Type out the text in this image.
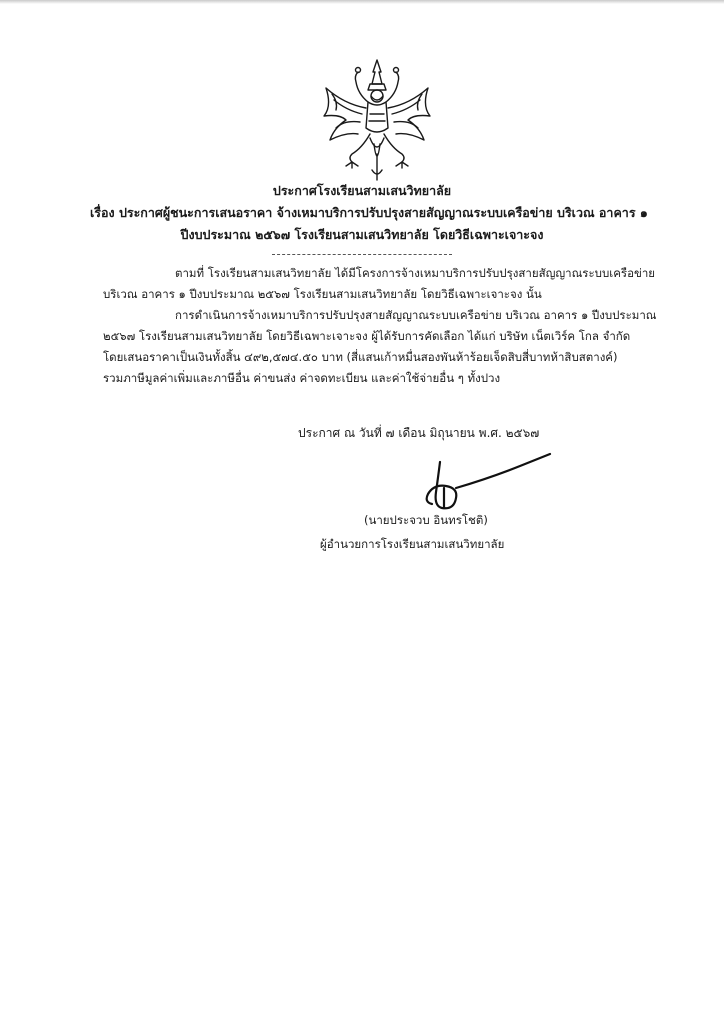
ประกาศโรงเรียนสามเสนวิทยาลัย
เรื่อง ประกาศผู้ชนะการเสนอราคา จ้างเหมาบริการปรับปรุงสายสัญญาณระบบเครือข่าย บริเวณ อาคาร ๑
ปีงบประมาณ ๒๕๖๗ โรงเรียนสามเสนวิทยาลัย โดยวิธีเฉพาะเจาะจง
ตามที่ โรงเรียนสามเสนวิทยาลัย ได้มีโครงการจ้างเหมาบริการปรับปรุงสายสัญญาณระบบเครือข่าย
บริเวณ อาคาร ๑ ปีงบประมาณ ๒๕๖๗ โรงเรียนสามเสนวิทยาลัย โดยวิธีเฉพาะเจาะจง นั้น
การดำเนินการจ้างเหมาบริการปรับปรุงสายสัญญาณระบบเครือข่าย บริเวณ อาคาร ๑ ปีงบประมาณ
๒๕๖๗ โรงเรียนสามเสนวิทยาลัย โดยวิธีเฉพาะเจาะจง ผู้ได้รับการคัดเลือก ได้แก่ บริษัท เน็ตเวิร์ค โกล จำกัด
โดยเสนอราคาเป็นเงินทั้งสิ้น ๔๙๒,๕๗๔.๕๐ บาท (สี่แสนเก้าหมื่นสองพันห้าร้อยเจ็ดสิบสี่บาทห้าสิบสตางค์)
รวมภาษีมูลค่าเพิ่มและภาษีอื่น ค่าขนส่ง ค่าจดทะเบียน และค่าใช้จ่ายอื่น ๆ ทั้งปวง
ประกาศ ณ วันที่ ๗ เดือน มิถุนายน พ.ศ. ๒๕๖๗
(นายประจวบ อินทรโชติ)
ผู้อำนวยการโรงเรียนสามเสนวิทยาลัย
